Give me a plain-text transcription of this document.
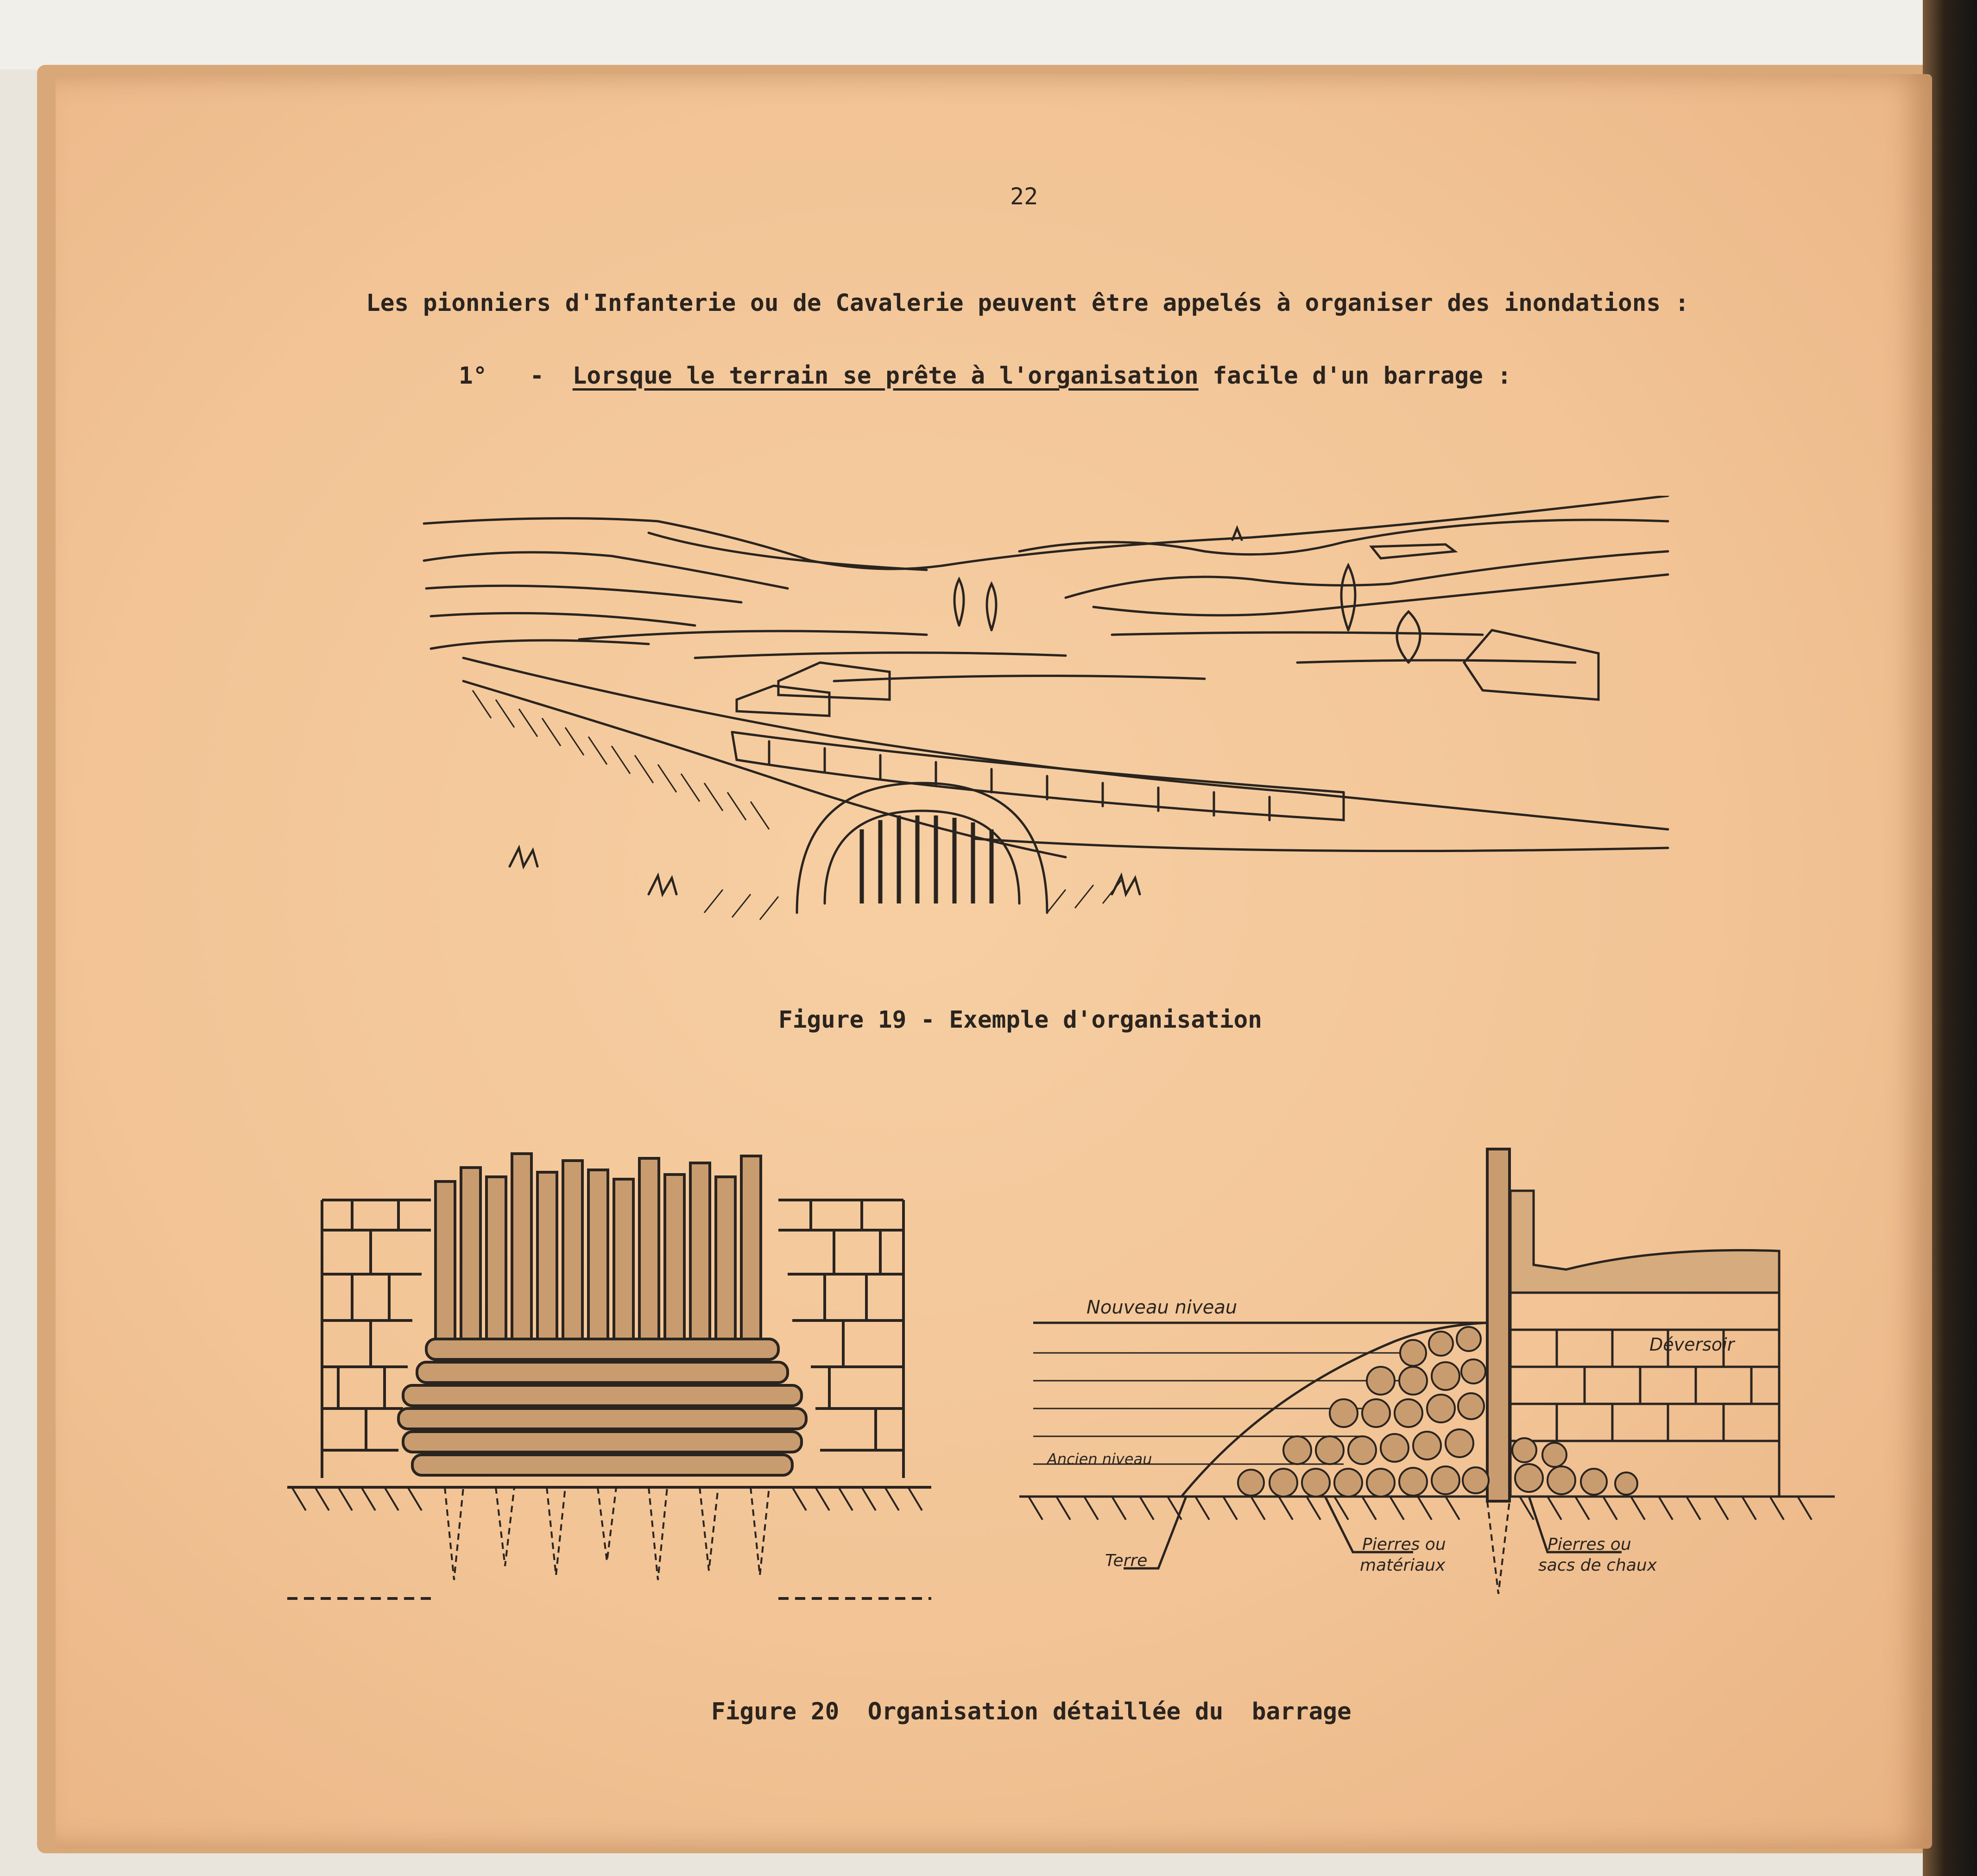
22
Les pionniers d'Infanterie ou de Cavalerie peuvent être appelés à organiser des inondations :
1° - Lorsque le terrain se prête à l'organisation facile d'un barrage :
Figure 19 - Exemple d'organisation
Nouveau niveau
Ancien niveau
Déversoir
Terre
Pierres ou
matériaux
Pierres ou
sacs de chaux
Figure 20  Organisation détaillée du  barrage
